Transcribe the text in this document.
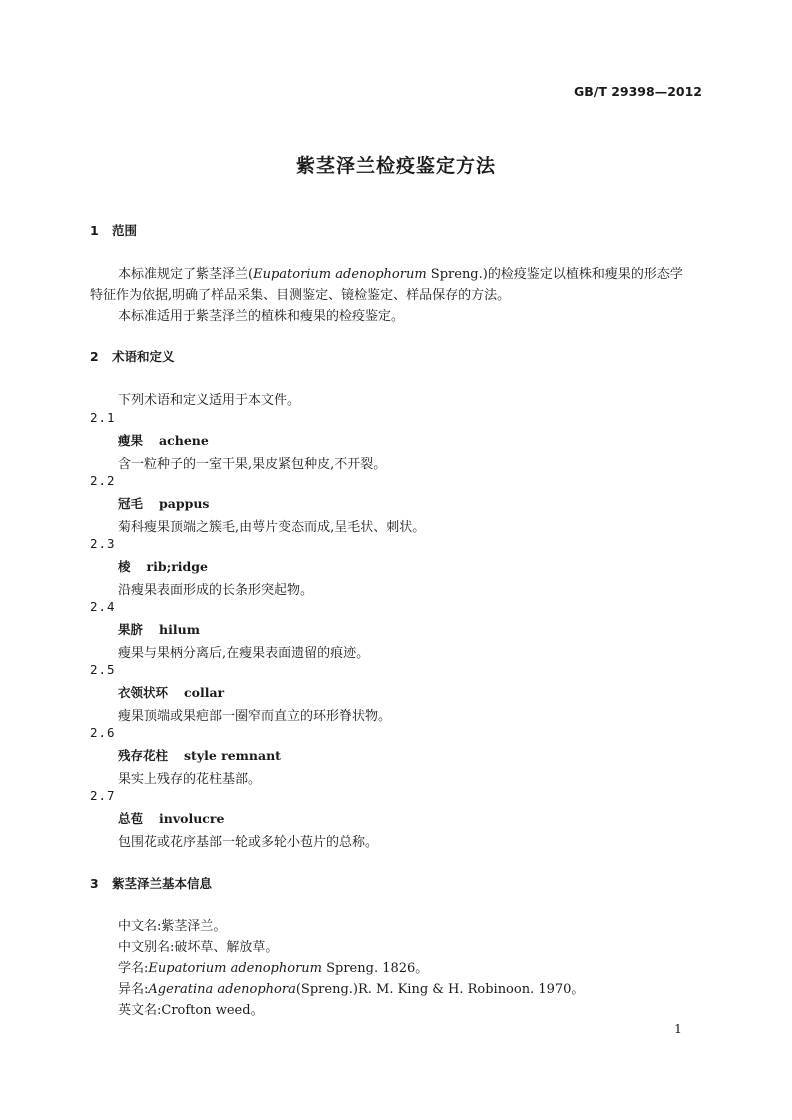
GB/T 29398—2012
紫茎泽兰检疫鉴定方法
1 范围
本标准规定了紫茎泽兰(Eupatorium adenophorum Spreng.)的检疫鉴定以植株和瘦果的形态学
特征作为依据,明确了样品采集、目测鉴定、镜检鉴定、样品保存的方法。
本标准适用于紫茎泽兰的植株和瘦果的检疫鉴定。
2 术语和定义
下列术语和定义适用于本文件。
2.1
瘦果 achene
含一粒种子的一室干果,果皮紧包种皮,不开裂。
2.2
冠毛 pappus
菊科瘦果顶端之簇毛,由萼片变态而成,呈毛状、刺状。
2.3
棱 rib;ridge
沿瘦果表面形成的长条形突起物。
2.4
果脐 hilum
瘦果与果柄分离后,在瘦果表面遗留的痕迹。
2.5
衣领状环 collar
瘦果顶端或果疤部一圈窄而直立的环形脊状物。
2.6
残存花柱 style remnant
果实上残存的花柱基部。
2.7
总苞 involucre
包围花或花序基部一轮或多轮小苞片的总称。
3 紫茎泽兰基本信息
中文名:紫茎泽兰。
中文别名:破坏草、解放草。
学名:Eupatorium adenophorum Spreng. 1826。
异名:Ageratina adenophora(Spreng.)R. M. King & H. Robinoon. 1970。
英文名:Crofton weed。
1
